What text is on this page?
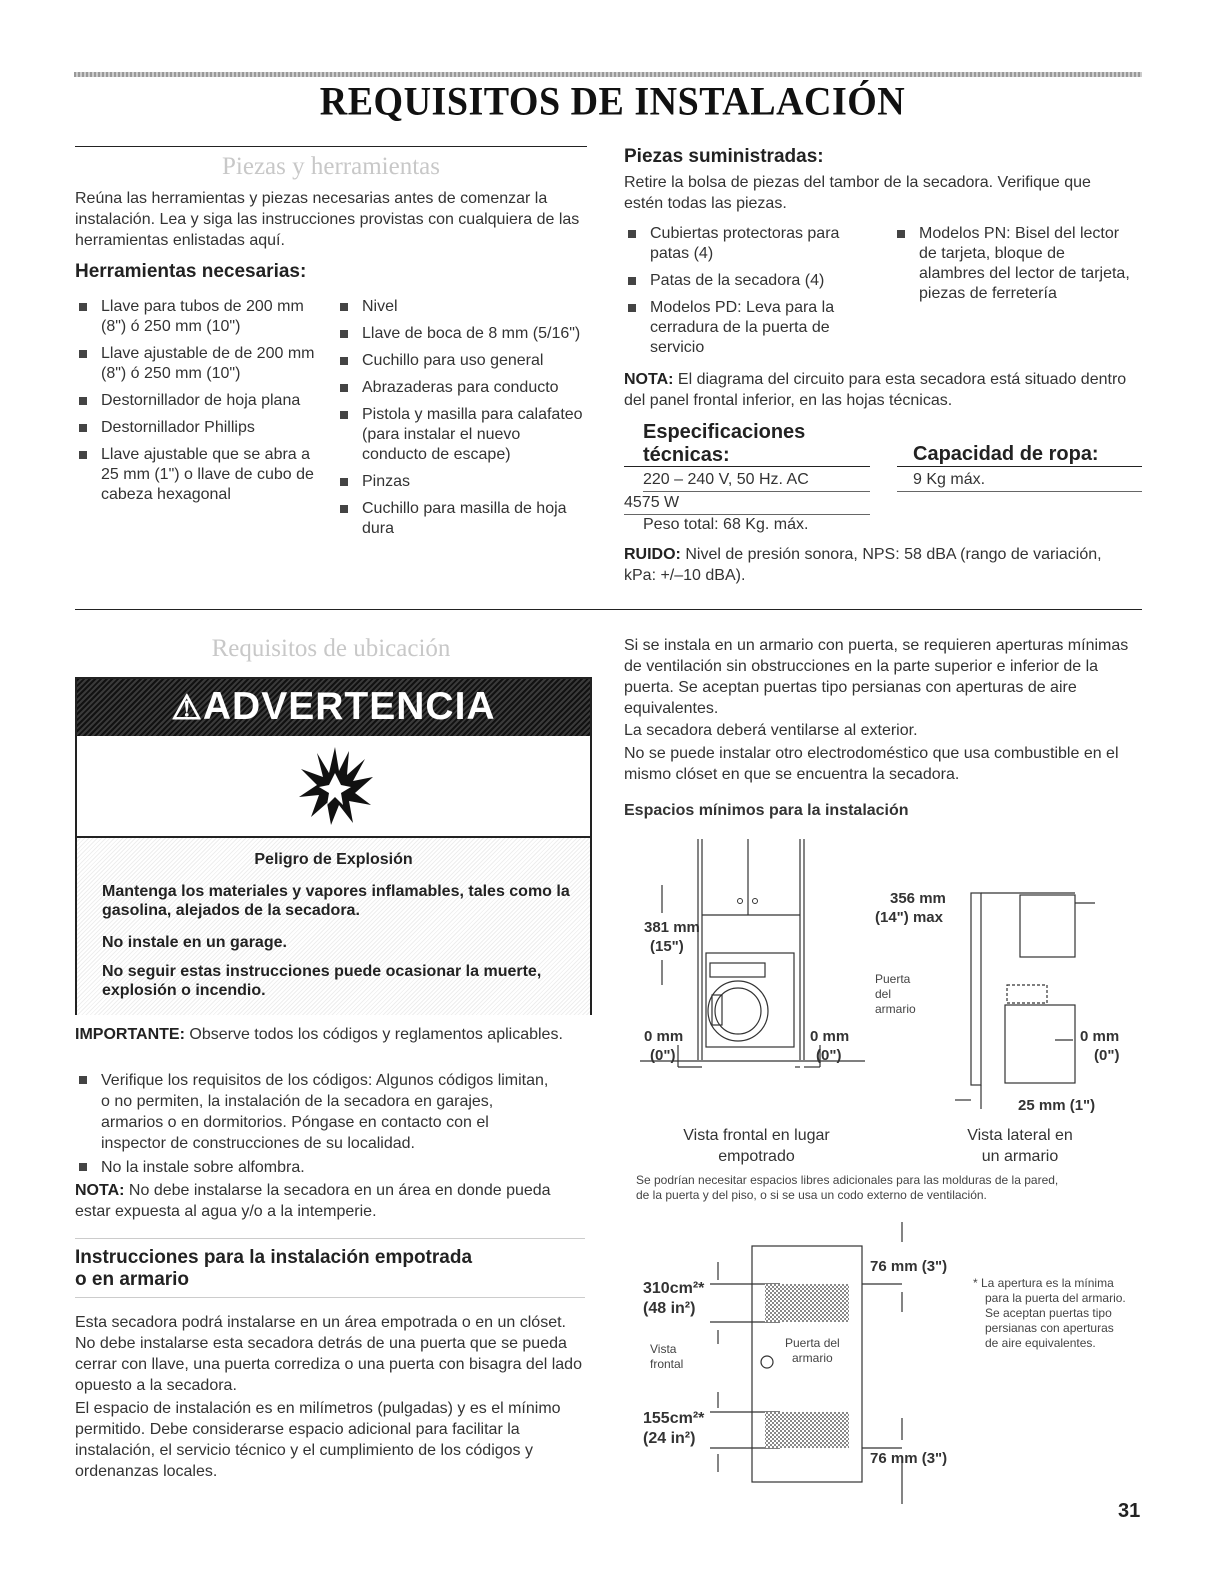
REQUISITOS DE INSTALACIÓN
Piezas y herramientas
Reúna las herramientas y piezas necesarias antes de comenzar la instalación. Lea y siga las instrucciones provistas con cualquiera de las herramientas enlistadas aquí.
Herramientas necesarias:
Llave para tubos de 200 mm (8") ó 250 mm (10")
Llave ajustable de de 200 mm (8") ó 250 mm (10")
Destornillador de hoja plana
Destornillador Phillips
Llave ajustable que se abra a 25 mm (1") o llave de cubo de cabeza hexagonal
Nivel
Llave de boca de 8 mm (5/16")
Cuchillo para uso general
Abrazaderas para conducto
Pistola y masilla para calafateo (para instalar el nuevo conducto de escape)
Pinzas
Cuchillo para masilla de hoja dura
Piezas suministradas:
Retire la bolsa de piezas del tambor de la secadora. Verifique que estén todas las piezas.
Cubiertas protectoras para patas (4)
Patas de la secadora (4)
Modelos PD: Leva para la cerradura de la puerta de servicio
Modelos PN: Bisel del lector de tarjeta, bloque de alambres del lector de tarjeta, piezas de ferretería
NOTA: El diagrama del circuito para esta secadora está situado dentro del panel frontal inferior, en las hojas técnicas.
Especificaciones
técnicas:
220 – 240 V, 50 Hz. AC
4575 W
Peso total: 68 Kg. máx.
Capacidad de ropa:
9 Kg máx.
RUIDO: Nivel de presión sonora, NPS: 58 dBA (rango de variación, kPa: +/–10 dBA).
Requisitos de ubicación
⚠ADVERTENCIA
Peligro de Explosión
Mantenga los materiales y vapores inflamables, tales como la gasolina, alejados de la secadora.
No instale en un garage.
No seguir estas instrucciones puede ocasionar la muerte, explosión o incendio.
IMPORTANTE: Observe todos los códigos y reglamentos aplicables.
Verifique los requisitos de los códigos: Algunos códigos limitan, o no permiten, la instalación de la secadora en garajes, armarios o en dormitorios. Póngase en contacto con el inspector de construcciones de su localidad.
No la instale sobre alfombra.
NOTA: No debe instalarse la secadora en un área en donde pueda estar expuesta al agua y/o a la intemperie.
Instrucciones para la instalación empotrada
o en armario
Esta secadora podrá instalarse en un área empotrada o en un clóset. No debe instalarse esta secadora detrás de una puerta que se pueda cerrar con llave, una puerta corrediza o una puerta con bisagra del lado opuesto a la secadora.
El espacio de instalación es en milímetros (pulgadas) y es el mínimo permitido. Debe considerarse espacio adicional para facilitar la instalación, el servicio técnico y el cumplimiento de los códigos y ordenanzas locales.
Si se instala en un armario con puerta, se requieren aperturas mínimas de ventilación sin obstrucciones en la parte superior e inferior de la puerta. Se aceptan puertas tipo persianas con aperturas de aire equivalentes.
La secadora deberá ventilarse al exterior.
No se puede instalar otro electrodoméstico que usa combustible en el mismo clóset en que se encuentra la secadora.
Espacios mínimos para la instalación
381 mm
(15")
0 mm
(0")
0 mm
(0")
Vista frontal en lugar
empotrado
356 mm
(14") max
Puerta
del
armario
0 mm
(0")
25 mm (1")
Vista lateral en
un armario
Se podrían necesitar espacios libres adicionales para las molduras de la pared,
de la puerta y del piso, o si se usa un codo externo de ventilación.
310cm²*
(48 in²)
Vista
frontal
155cm²*
(24 in²)
Puerta del
armario
76 mm (3")
76 mm (3")
* La apertura es la mínima
para la puerta del armario.
Se aceptan puertas tipo
persianas con aperturas
de aire equivalentes.
31
